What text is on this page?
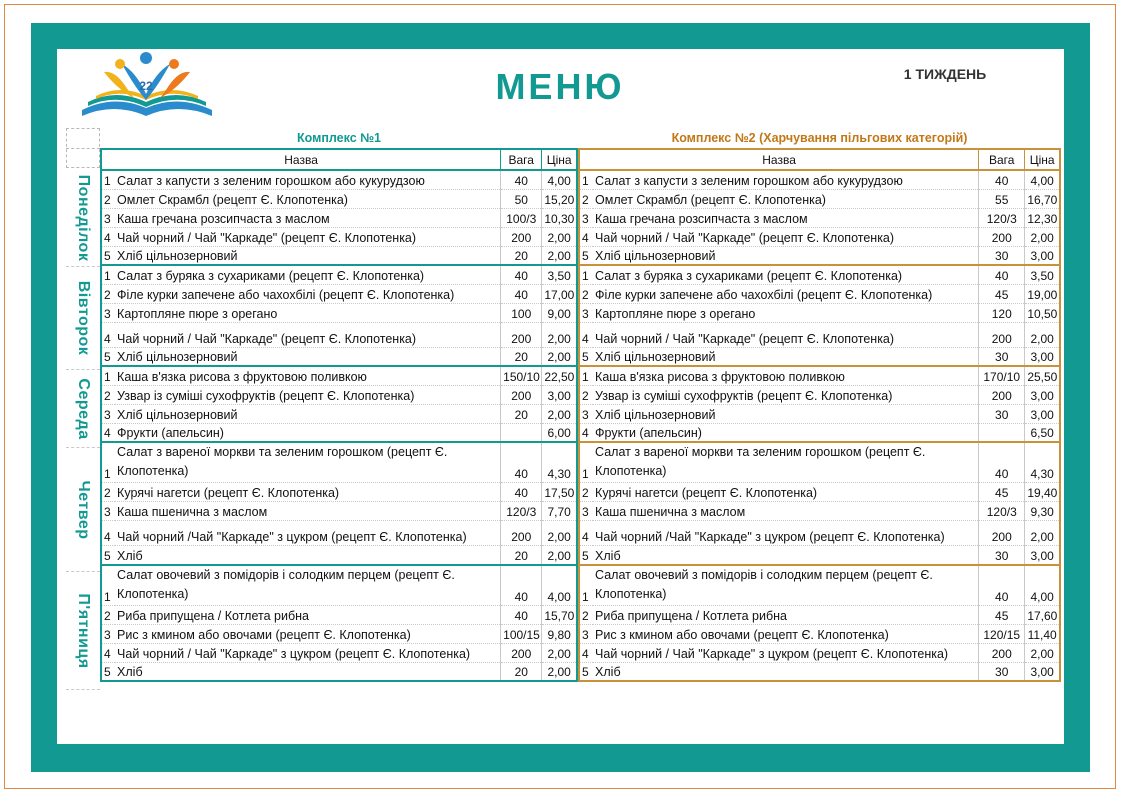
22	МЕНЮ	1 ТИЖДЕНЬ
Комплекс №1	Комплекс №2 (Харчування пільгових категорій)
Понеділок
Вівторок
Середа
Четвер
П'ятниця
Назва		Вага	Ціна
1	Салат з капусти з зеленим горошком або кукурудзою	40	4,00
2	Омлет Скрамбл (рецепт Є. Клопотенка)	50	15,20
3	Каша гречана розсипчаста з маслом	100/3	10,30
4	Чай чорний / Чай "Каркаде" (рецепт Є. Клопотенка)	200	2,00
5	Хліб цільнозерновий	20	2,00
1	Салат з буряка з сухариками (рецепт Є. Клопотенка)	40	3,50
2	Філе курки запечене або чахохбілі (рецепт Є. Клопотенка)	40	17,00
3	Картопляне пюре з орегано	100	9,00
4	Чай чорний / Чай "Каркаде" (рецепт Є. Клопотенка)	200	2,00
5	Хліб цільнозерновий	20	2,00
1	Каша в'язка рисова з фруктовою поливкою	150/10	22,50
2	Узвар із суміші сухофруктів (рецепт Є. Клопотенка)	200	3,00
3	Хліб цільнозерновий	20	2,00
4	Фрукти (апельсин)		6,00
1	Салат з вареної моркви та зеленим горошком (рецепт Є. Клопотенка)	40	4,30
2	Курячі нагетси (рецепт Є. Клопотенка)	40	17,50
3	Каша пшенична з маслом	120/3	7,70
4	Чай чорний /Чай "Каркаде" з цукром (рецепт Є. Клопотенка)	200	2,00
5	Хліб	20	2,00
1	Салат овочевий з помідорів і солодким перцем (рецепт Є. Клопотенка)	40	4,00
2	Риба припущена / Котлета рибна	40	15,70
3	Рис з кмином або овочами (рецепт Є. Клопотенка)	100/15	9,80
4	Чай чорний / Чай "Каркаде" з цукром (рецепт Є. Клопотенка)	200	2,00
5	Хліб	20	2,00
Назва		Вага	Ціна
1	Салат з капусти з зеленим горошком або кукурудзою	40	4,00
2	Омлет Скрамбл (рецепт Є. Клопотенка)	55	16,70
3	Каша гречана розсипчаста з маслом	120/3	12,30
4	Чай чорний / Чай "Каркаде" (рецепт Є. Клопотенка)	200	2,00
5	Хліб цільнозерновий	30	3,00
1	Салат з буряка з сухариками (рецепт Є. Клопотенка)	40	3,50
2	Філе курки запечене або чахохбілі (рецепт Є. Клопотенка)	45	19,00
3	Картопляне пюре з орегано	120	10,50
4	Чай чорний / Чай "Каркаде" (рецепт Є. Клопотенка)	200	2,00
5	Хліб цільнозерновий	30	3,00
1	Каша в'язка рисова з фруктовою поливкою	170/10	25,50
2	Узвар із суміші сухофруктів (рецепт Є. Клопотенка)	200	3,00
3	Хліб цільнозерновий	30	3,00
4	Фрукти (апельсин)		6,50
1	Салат з вареної моркви та зеленим горошком (рецепт Є. Клопотенка)	40	4,30
2	Курячі нагетси (рецепт Є. Клопотенка)	45	19,40
3	Каша пшенична з маслом	120/3	9,30
4	Чай чорний /Чай "Каркаде" з цукром (рецепт Є. Клопотенка)	200	2,00
5	Хліб	30	3,00
1	Салат овочевий з помідорів і солодким перцем (рецепт Є. Клопотенка)	40	4,00
2	Риба припущена / Котлета рибна	45	17,60
3	Рис з кмином або овочами (рецепт Є. Клопотенка)	120/15	11,40
4	Чай чорний / Чай "Каркаде" з цукром (рецепт Є. Клопотенка)	200	2,00
5	Хліб	30	3,00
